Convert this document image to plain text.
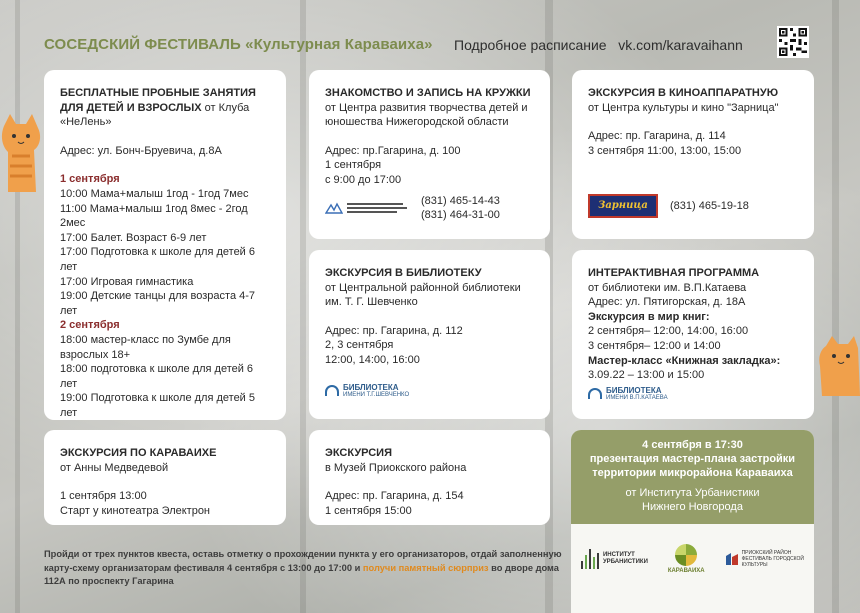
СОСЕДСКИЙ ФЕСТИВАЛЬ «Культурная Караваиха» Подробное расписание vk.com/karavaihann
БЕСПЛАТНЫЕ ПРОБНЫЕ ЗАНЯТИЯ ДЛЯ ДЕТЕЙ И ВЗРОСЛЫХ от Клуба «НеЛень»
Адрес: ул. Бонч-Бруевича, д.8А
1 сентября
10:00 Мама+малыш 1год - 1год 7мес
11:00 Мама+малыш 1год 8мес - 2год 2мес
17:00 Балет. Возраст 6-9 лет
17:00 Подготовка к школе для детей 6 лет
17:00 Игровая гимнастика
19:00 Детские танцы для возраста 4-7 лет
2 сентября
18:00 мастер-класс по Зумбе для взрослых 18+
18:00 подготовка к школе для детей 6 лет
19:00 Подготовка к школе для детей 5 лет
ЗНАКОМСТВО И ЗАПИСЬ НА КРУЖКИ
от Центра развития творчества детей и
юношества Нижегородской области
Адрес: пр.Гагарина, д. 100
1 сентября
с 9:00 до 17:00
(831) 465-14-43
(831) 464-31-00
ЭКСКУРСИЯ В КИНОАППАРАТНУЮ
от Центра культуры и кино "Зарница"
Адрес: пр. Гагарина, д. 114
3 сентября 11:00, 13:00, 15:00
Зарница	(831) 465-19-18
ЭКСКУРСИЯ В БИБЛИОТЕКУ
от Центральной районной библиотеки
им. Т. Г. Шевченко
Адрес: пр. Гагарина, д. 112
2, 3 сентября
12:00, 14:00, 16:00
БИБЛИОТЕКА
ИМЕНИ Т.Г.ШЕВЧЕНКО
ИНТЕРАКТИВНАЯ ПРОГРАММА
от библиотеки им. В.П.Катаева
Адрес: ул. Пятигорская, д. 18А
Экскурсия в мир книг:
2 сентября– 12:00, 14:00, 16:00
3 сентября– 12:00 и 14:00
Мастер-класс «Книжная закладка»:
3.09.22 – 13:00 и 15:00
БИБЛИОТЕКА
ИМЕНИ В.П.КАТАЕВА
ЭКСКУРСИЯ ПО КАРАВАИХЕ
от Анны Медведевой
1 сентября 13:00
Старт у кинотеатра Электрон
ЭКСКУРСИЯ
в Музей Приокского района
Адрес: пр. Гагарина, д. 154
1 сентября 15:00
4 сентября в 17:30
презентация мастер-плана застройки
территории микрорайона Караваиха
от Института Урбанистики
Нижнего Новгорода
ИНСТИТУТ
УРБАНИСТИКИ
КАРАВАИХА
ПРИОКСКИЙ РАЙОН
ФЕСТИВАЛЬ ГОРОДСКОЙ
КУЛЬТУРЫ
Пройди от трех пунктов квеста, оставь отметку о прохождении пункта у его организаторов, отдай заполненную карту-схему организаторам фестиваля 4 сентября с 13:00 до 17:00 и получи памятный сюрприз во дворе дома 112А по проспекту Гагарина
